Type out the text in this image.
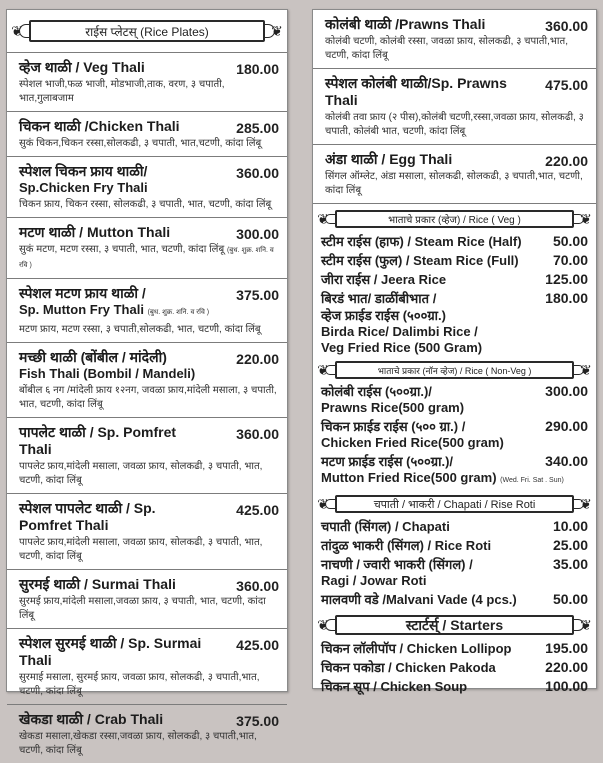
❦	राईस प्लेटस् (Rice Plates)	❦
व्हेज थाळी / Veg Thali	180.00
स्पेशल भाजी,फळ भाजी, मोडभाजी,ताक, वरण, ३ चपाती, भात,गुलाबजाम
चिकन थाळी /Chicken Thali	285.00
सुकं चिकन,चिकन रस्सा,सोलकढी, ३ चपाती, भात,चटणी, कांदा लिंबू
स्पेशल चिकन फ्राय थाळी/
Sp.Chicken Fry Thali
360.00
चिकन फ्राय, चिकन रस्सा, सोलकढी, ३ चपाती, भात, चटणी, कांदा लिंबू
मटण थाळी / Mutton Thali	300.00
सुकं मटण, मटण रस्सा, ३ चपाती, भात, चटणी, कांदा लिंबू (बुध. शुक्र. शनि. व रवि )
स्पेशल मटण फ्राय थाळी /
Sp. Mutton Fry Thali (बुध. शुक्र. शनि. व रवि )
375.00
मटण फ्राय, मटण रस्सा, ३ चपाती,सोलकढी, भात, चटणी, कांदा लिंबू
मच्छी थाळी (बोंबील / मांदेली)
Fish Thali (Bombil / Mandeli)
220.00
बोंबील ६ नग /मांदेली फ्राय १२नग, जवळा फ्राय,मांदेली मसाला, ३ चपाती, भात, चटणी, कांदा लिंबू
पापलेट थाळी / Sp. Pomfret Thali
360.00
पापलेट फ्राय,मांदेली मसाला, जवळा फ्राय, सोलकढी, ३ चपाती, भात, चटणी, कांदा लिंबू
स्पेशल पापलेट थाळी / Sp. Pomfret Thali
425.00
पापलेट फ्राय,मांदेली मसाला, जवळा फ्राय, सोलकढी, ३ चपाती, भात, चटणी, कांदा लिंबू
सुरमई थाळी / Surmai Thali	360.00
सुरमई फ्राय,मांदेली मसाला,जवळा फ्राय, ३ चपाती, भात, चटणी, कांदा लिंबू
स्पेशल सुरमई थाळी / Sp. Surmai Thali
425.00
सुरमाई मसाला, सुरमई फ्राय, जवळा फ्राय, सोलकढी, ३ चपाती,भात, चटणी, कांदा लिंबू
खेकडा थाळी / Crab Thali	375.00
खेकडा मसाला,खेकडा रस्सा,जवळा फ्राय, सोलकढी, ३ चपाती,भात, चटणी, कांदा लिंबू
कोलंबी थाळी /Prawns Thali	360.00
कोलंबी चटणी, कोलंबी रस्सा, जवळा फ्राय, सोलकढी, ३ चपाती,भात, चटणी, कांदा लिंबू
स्पेशल कोलंबी थाळी/Sp. Prawns Thali
475.00
कोलंबी तवा फ्राय (२ पीस),कोलंबी चटणी,रस्सा,जवळा फ्राय, सोलकढी, ३ चपाती, कोलंबी भात, चटणी, कांदा लिंबू
अंडा थाळी / Egg Thali	220.00
सिंगल ऑम्लेट, अंडा मसाला, सोलकढी, सोलकढी, ३ चपाती,भात, चटणी, कांदा लिंबू
❦	भाताचे प्रकार (व्हेज) / Rice ( Veg )	❦
स्टीम राईस (हाफ) / Steam Rice (Half)	50.00
स्टीम राईस (फुल) / Steam Rice (Full)	70.00
जीरा राईस / Jeera Rice	125.00
बिरडं भात/ डाळींबीभात /
व्हेज फ्राईड राईस (५००ग्रा.)
Birda Rice/ Dalimbi Rice /
Veg Fried Rice (500 Gram)
180.00
❦	भाताचे प्रकार (नॉन व्हेज) / Rice ( Non-Veg )	❦
कोलंबी राईस (५००ग्रा.)/
Prawns Rice(500 gram)
300.00
चिकन फ्राईड राईस (५०० ग्रा.) /
Chicken Fried Rice(500 gram)
290.00
मटण फ्राईड राईस (५००ग्रा.)/
Mutton Fried Rice(500 gram) (Wed. Fri. Sat . Sun)
340.00
❦	चपाती / भाकरी / Chapati / Rise Roti	❦
चपाती (सिंगल) / Chapati	10.00
तांदुळ भाकरी (सिंगल) / Rice Roti	25.00
नाचणी / ज्वारी भाकरी (सिंगल) /
Ragi / Jowar Roti
35.00
मालवणी वडे /Malvani Vade (4 pcs.)	50.00
❦	स्टार्टर्स् / Starters	❦
चिकन लॉलीपॉप / Chicken Lollipop	195.00
चिकन पकोडा / Chicken Pakoda	220.00
चिकन सूप / Chicken Soup	100.00
